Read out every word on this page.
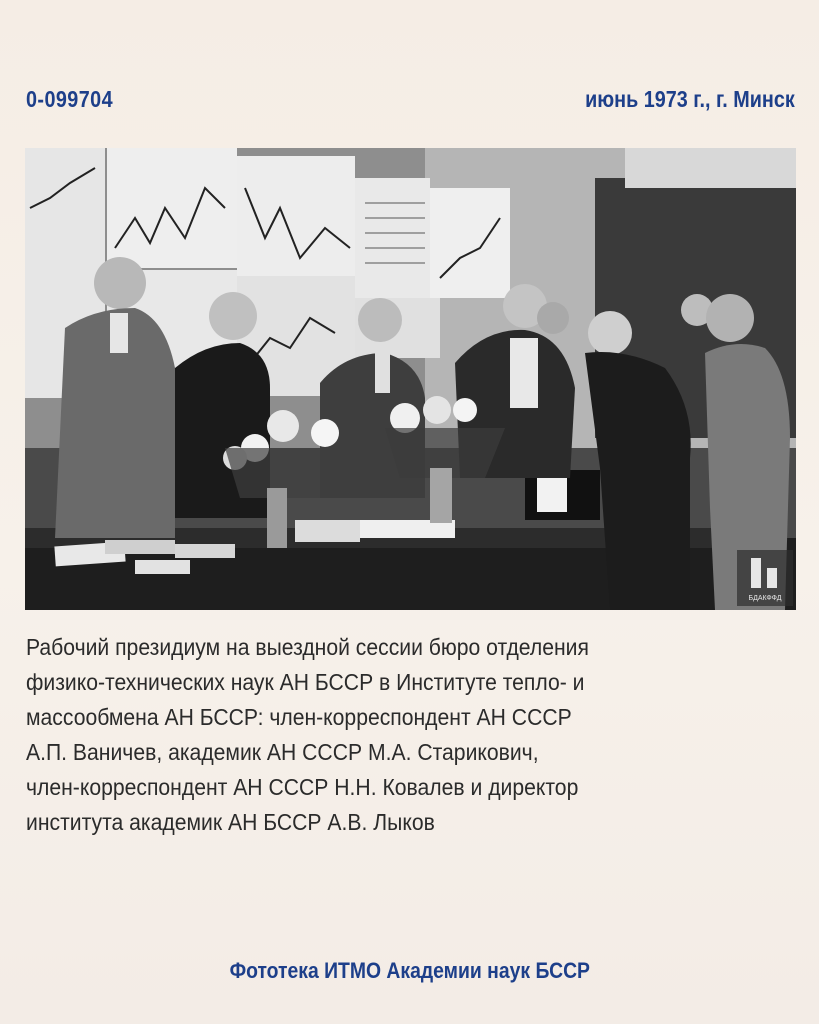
0-099704	июнь 1973 г., г. Минск
БДАКФФД
Рабочий президиум на выездной сессии бюро отделения
физико-технических наук АН БССР в Институте тепло- и
массообмена АН БССР: член-корреспондент АН СССР
А.П. Ваничев, академик АН СССР М.А. Старикович,
член-корреспондент АН СССР Н.Н. Ковалев и директор
института академик АН БССР А.В. Лыков
Фототека ИТМО Академии наук БССР
